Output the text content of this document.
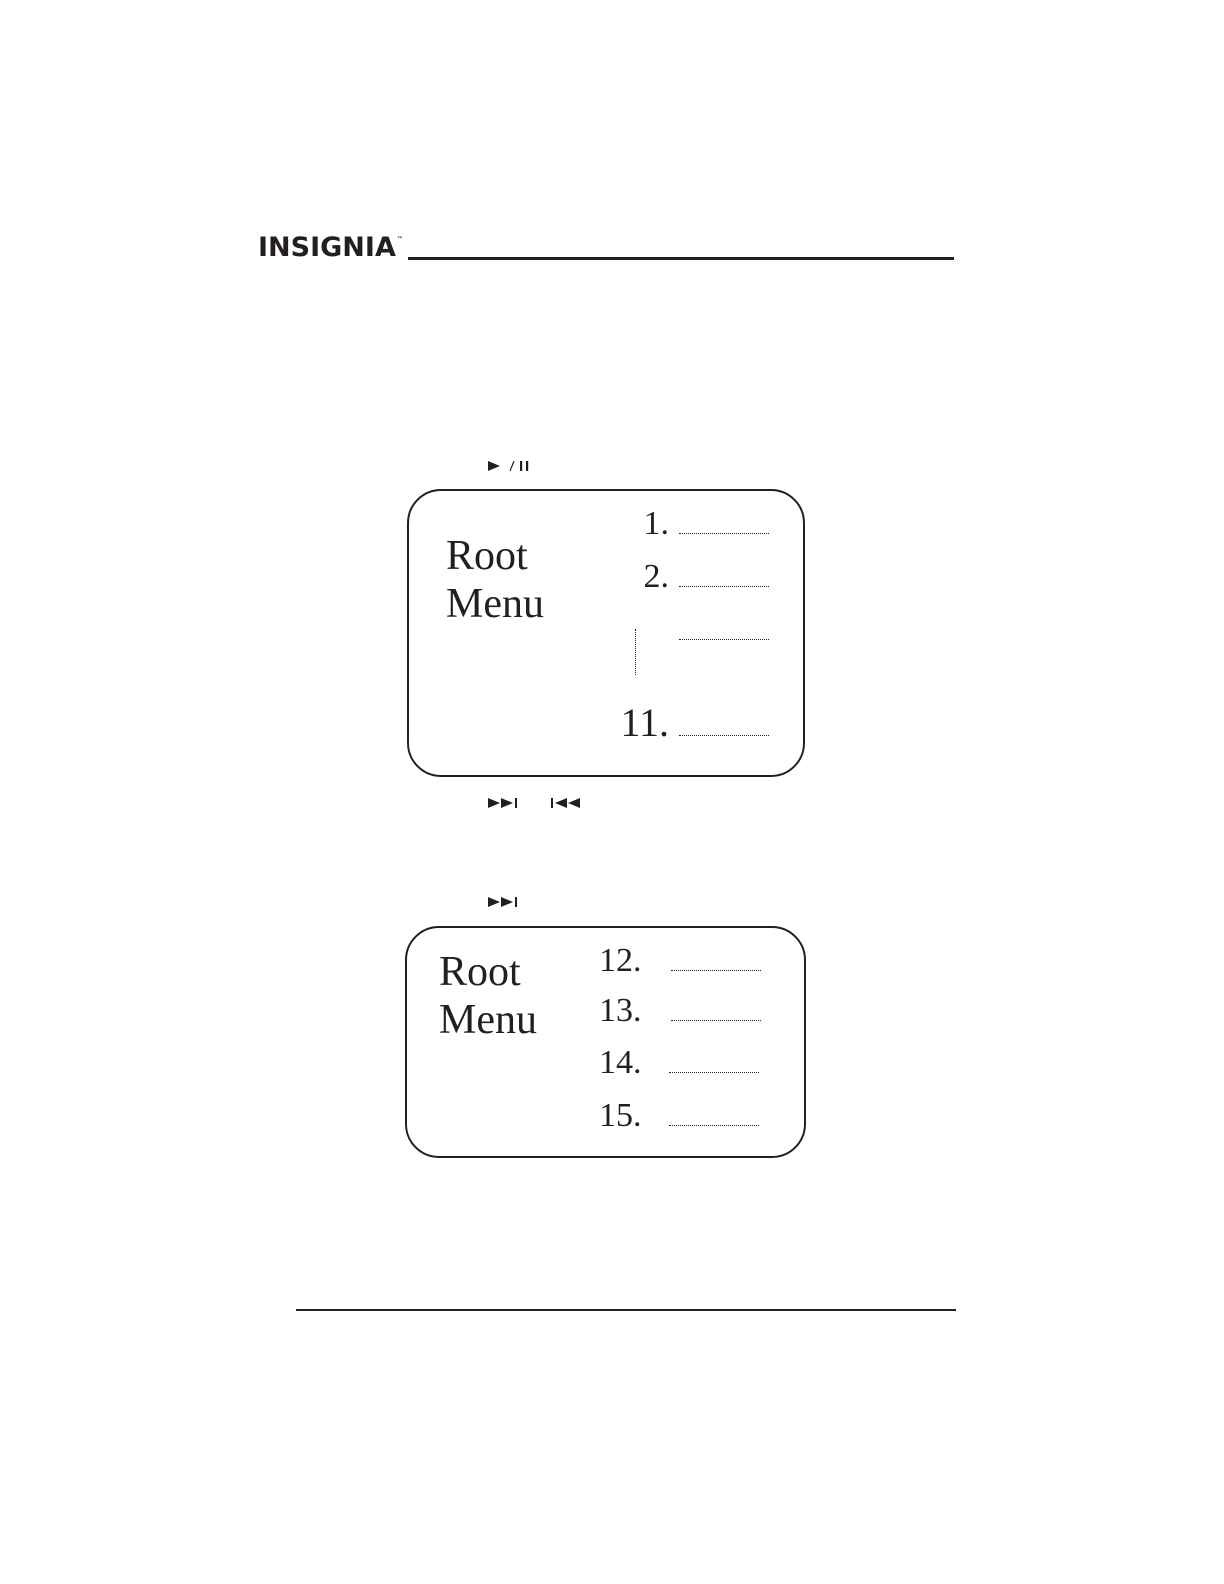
INSIGNIA™
Root
Menu
1.
2.

11.
Root
Menu
12.
13.
14.
15.
